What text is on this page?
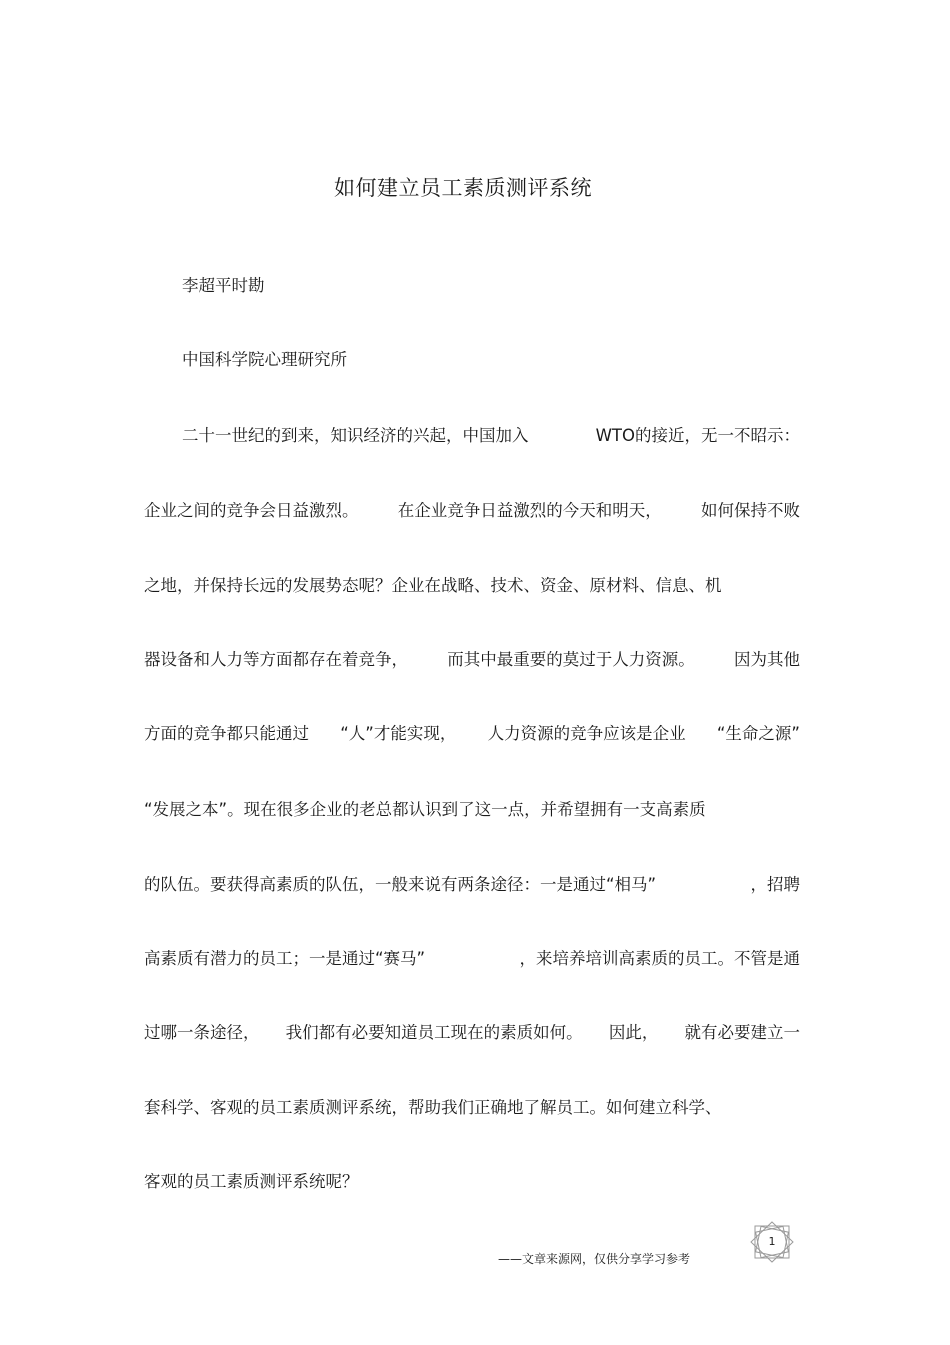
如何建立员工素质测评系统
李超平时勘
中国科学院心理研究所
二十一世纪的到来，知识经济的兴起，中国加入	WTO的接近，无一不昭示：
企业之间的竞争会日益激烈。 在企业竞争日益激烈的今天和明天， 如何保持不败
之地，并保持长远的发展势态呢？企业在战略、技术、资金、原材料、信息、机
器设备和人力等方面都存在着竞争， 而其中最重要的莫过于人力资源。 因为其他
方面的竞争都只能通过 “人”才能实现， 人力资源的竞争应该是企业 “生命之源”
“发展之本”。现在很多企业的老总都认识到了这一点，并希望拥有一支高素质
的队伍。要获得高素质的队伍，一般来说有两条途径：一是通过“相马”	，招聘
高素质有潜力的员工；一是通过“赛马”	，来培养培训高素质的员工。不管是通
过哪一条途径， 我们都有必要知道员工现在的素质如何。 因此， 就有必要建立一
套科学、客观的员工素质测评系统，帮助我们正确地了解员工。如何建立科学、
客观的员工素质测评系统呢？
——文章来源网，仅供分享学习参考
1
